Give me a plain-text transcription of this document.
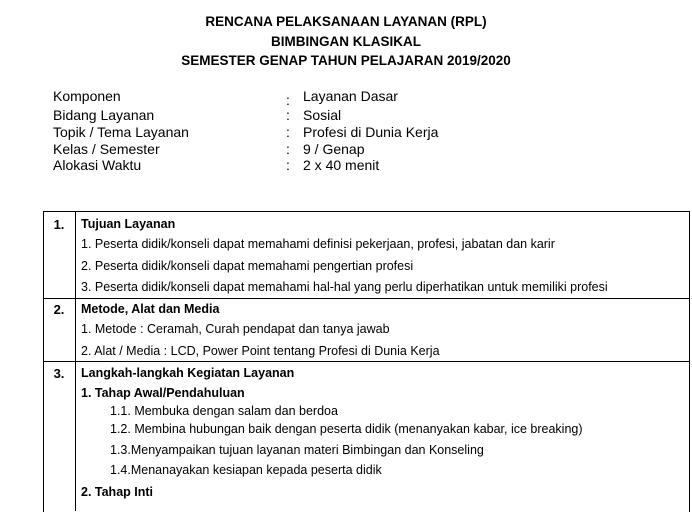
RENCANA PELAKSANAAN LAYANAN (RPL)
BIMBINGAN KLASIKAL
SEMESTER GENAP TAHUN PELAJARAN 2019/2020
Komponen	: Layanan Dasar
Bidang Layanan	: Sosial
Topik / Tema Layanan	: Profesi di Dunia Kerja
Kelas / Semester	: 9 / Genap
Alokasi Waktu	: 2 x 40 menit
1.	Tujuan Layanan
1. Peserta didik/konseli dapat memahami definisi pekerjaan, profesi, jabatan dan karir
2. Peserta didik/konseli dapat memahami pengertian profesi
3. Peserta didik/konseli dapat memahami hal-hal yang perlu diperhatikan untuk memiliki profesi
2.	Metode, Alat dan Media
1. Metode : Ceramah, Curah pendapat dan tanya jawab
2. Alat / Media : LCD, Power Point tentang Profesi di Dunia Kerja
3.	Langkah-langkah Kegiatan Layanan
1. Tahap Awal/Pendahuluan
1.1. Membuka dengan salam dan berdoa
1.2. Membina hubungan baik dengan peserta didik (menanyakan kabar, ice breaking)
1.3.Menyampaikan tujuan layanan materi Bimbingan dan Konseling
1.4.Menanayakan kesiapan kepada peserta didik
2. Tahap Inti
